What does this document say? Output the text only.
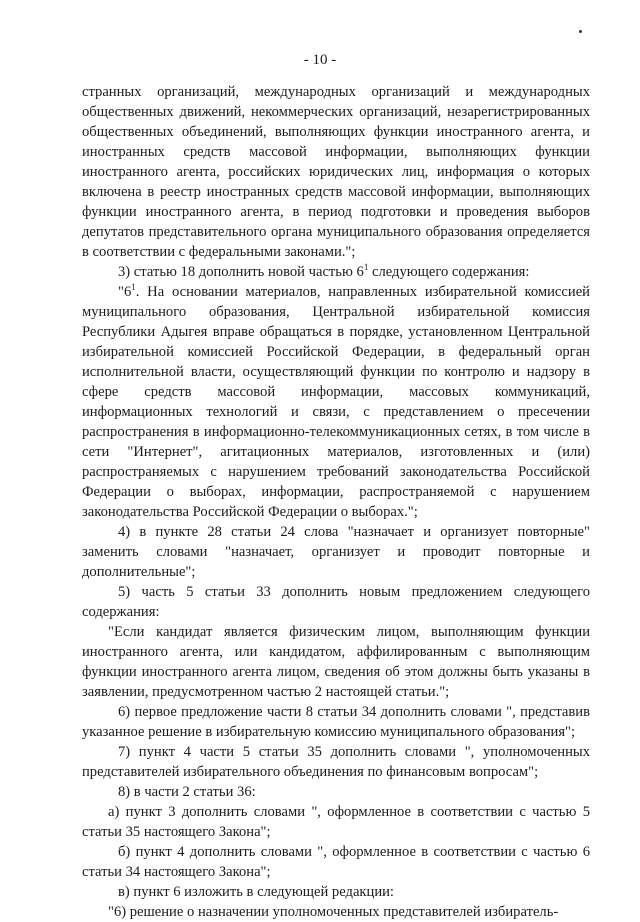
- 10 -

странных организаций, международных организаций и международных общественных движений, некоммерческих организаций, незарегистрированных общественных объединений, выполняющих функции иностранного агента, и иностранных средств массовой информации, выполняющих функции иностранного агента, российских юридических лиц, информация о которых включена в реестр иностранных средств массовой информации, выполняющих функции иностранного агента, в период подготовки и проведения выборов депутатов представительного органа муниципального образования определяется в соответствии с федеральными законами.";

3) статью 18 дополнить новой частью $6^1$ следующего содержания:

"$6^1$. На основании материалов, направленных избирательной комиссией муниципального образования, Центральной избирательной комиссия Республики Адыгея вправе обращаться в порядке, установленном Центральной избирательной комиссией Российской Федерации, в федеральный орган исполнительной власти, осуществляющий функции по контролю и надзору в сфере средств массовой информации, массовых коммуникаций, информационных технологий и связи, с представлением о пресечении распространения в информационно-телекоммуникационных сетях, в том числе в сети "Интернет", агитационных материалов, изготовленных и (или) распространяемых с нарушением требований законодательства Российской Федерации о выборах, информации, распространяемой с нарушением законодательства Российской Федерации о выборах.";

4) в пункте 28 статьи 24 слова "назначает и организует повторные" заменить словами "назначает, организует и проводит повторные и дополнительные";

5) часть 5 статьи 33 дополнить новым предложением следующего содержания:

"Если кандидат является физическим лицом, выполняющим функции иностранного агента, или кандидатом, аффилированным с выполняющим функции иностранного агента лицом, сведения об этом должны быть указаны в заявлении, предусмотренном частью 2 настоящей статьи.";

6) первое предложение части 8 статьи 34 дополнить словами ", представив указанное решение в избирательную комиссию муниципального образования";

7) пункт 4 части 5 статьи 35 дополнить словами ", уполномоченных представителей избирательного объединения по финансовым вопросам";

8) в части 2 статьи 36:

а) пункт 3 дополнить словами ", оформленное в соответствии с частью 5 статьи 35 настоящего Закона";

б) пункт 4 дополнить словами ", оформленное в соответствии с частью 6 статьи 34 настоящего Закона";

в) пункт 6 изложить в следующей редакции:

"6) решение о назначении уполномоченных представителей избиратель-
